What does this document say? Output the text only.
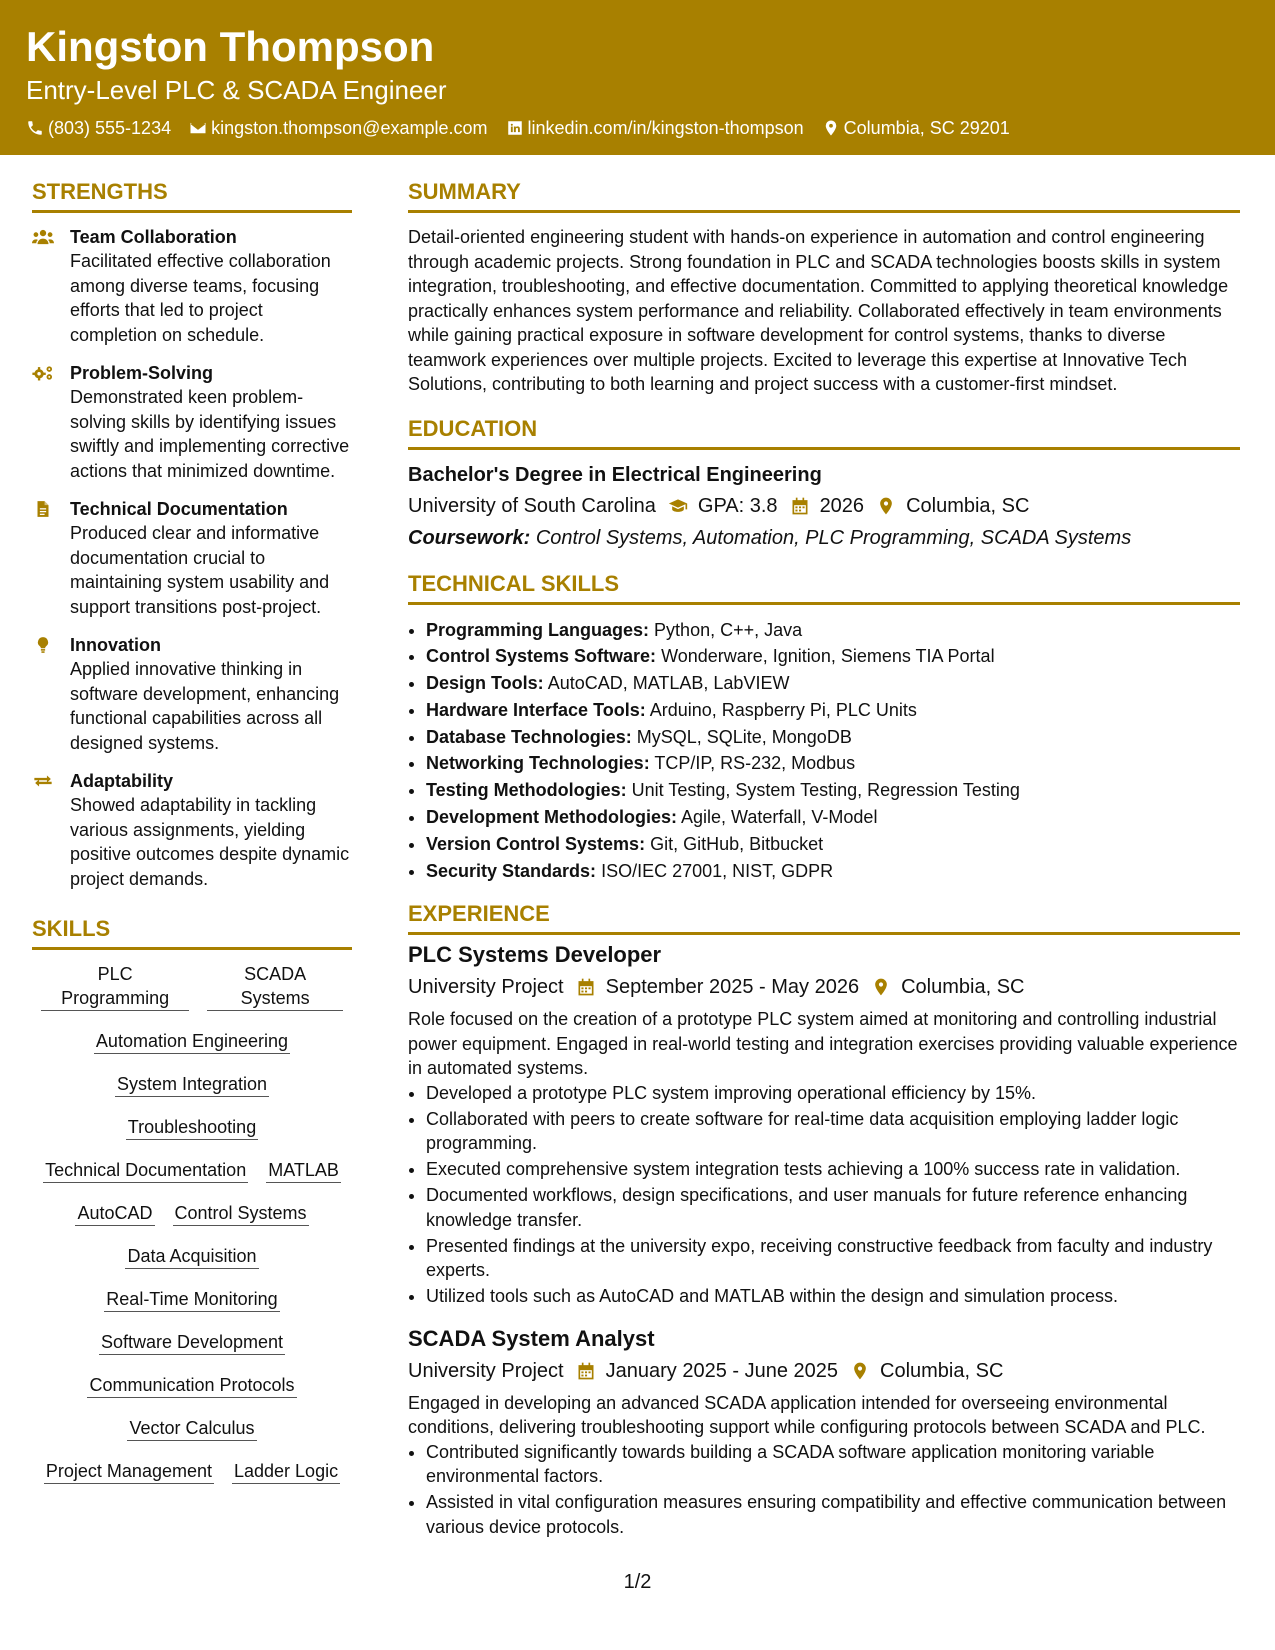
Kingston Thompson
Entry-Level PLC & SCADA Engineer
(803) 555-1234 kingston.thompson@example.com linkedin.com/in/kingston-thompson Columbia, SC 29201
STRENGTHS
Team Collaboration
Facilitated effective collaboration among diverse teams, focusing efforts that led to project completion on schedule.
Problem-Solving
Demonstrated keen problem-solving skills by identifying issues swiftly and implementing corrective actions that minimized downtime.
Technical Documentation
Produced clear and informative documentation crucial to maintaining system usability and support transitions post-project.
Innovation
Applied innovative thinking in software development, enhancing functional capabilities across all designed systems.
Adaptability
Showed adaptability in tackling various assignments, yielding positive outcomes despite dynamic project demands.
SKILLS
PLC Programming
SCADA Systems
Automation Engineering
System Integration
Troubleshooting
Technical Documentation MATLAB
AutoCAD Control Systems
Data Acquisition
Real-Time Monitoring
Software Development
Communication Protocols
Vector Calculus
Project Management Ladder Logic
SUMMARY
Detail-oriented engineering student with hands-on experience in automation and control engineering through academic projects. Strong foundation in PLC and SCADA technologies boosts skills in system integration, troubleshooting, and effective documentation. Committed to applying theoretical knowledge practically enhances system performance and reliability. Collaborated effectively in team environments while gaining practical exposure in software development for control systems, thanks to diverse teamwork experiences over multiple projects. Excited to leverage this expertise at Innovative Tech Solutions, contributing to both learning and project success with a customer-first mindset.
EDUCATION
Bachelor's Degree in Electrical Engineering
University of South Carolina GPA: 3.8 2026 Columbia, SC
Coursework: Control Systems, Automation, PLC Programming, SCADA Systems
TECHNICAL SKILLS
• Programming Languages: Python, C++, Java
• Control Systems Software: Wonderware, Ignition, Siemens TIA Portal
• Design Tools: AutoCAD, MATLAB, LabVIEW
• Hardware Interface Tools: Arduino, Raspberry Pi, PLC Units
• Database Technologies: MySQL, SQLite, MongoDB
• Networking Technologies: TCP/IP, RS-232, Modbus
• Testing Methodologies: Unit Testing, System Testing, Regression Testing
• Development Methodologies: Agile, Waterfall, V-Model
• Version Control Systems: Git, GitHub, Bitbucket
• Security Standards: ISO/IEC 27001, NIST, GDPR
EXPERIENCE
PLC Systems Developer
University Project September 2025 - May 2026 Columbia, SC
Role focused on the creation of a prototype PLC system aimed at monitoring and controlling industrial power equipment. Engaged in real-world testing and integration exercises providing valuable experience in automated systems.
• Developed a prototype PLC system improving operational efficiency by 15%.
• Collaborated with peers to create software for real-time data acquisition employing ladder logic programming.
• Executed comprehensive system integration tests achieving a 100% success rate in validation.
• Documented workflows, design specifications, and user manuals for future reference enhancing knowledge transfer.
• Presented findings at the university expo, receiving constructive feedback from faculty and industry experts.
• Utilized tools such as AutoCAD and MATLAB within the design and simulation process.
SCADA System Analyst
University Project January 2025 - June 2025 Columbia, SC
Engaged in developing an advanced SCADA application intended for overseeing environmental conditions, delivering troubleshooting support while configuring protocols between SCADA and PLC.
• Contributed significantly towards building a SCADA software application monitoring variable environmental factors.
• Assisted in vital configuration measures ensuring compatibility and effective communication between various device protocols.
1/2
